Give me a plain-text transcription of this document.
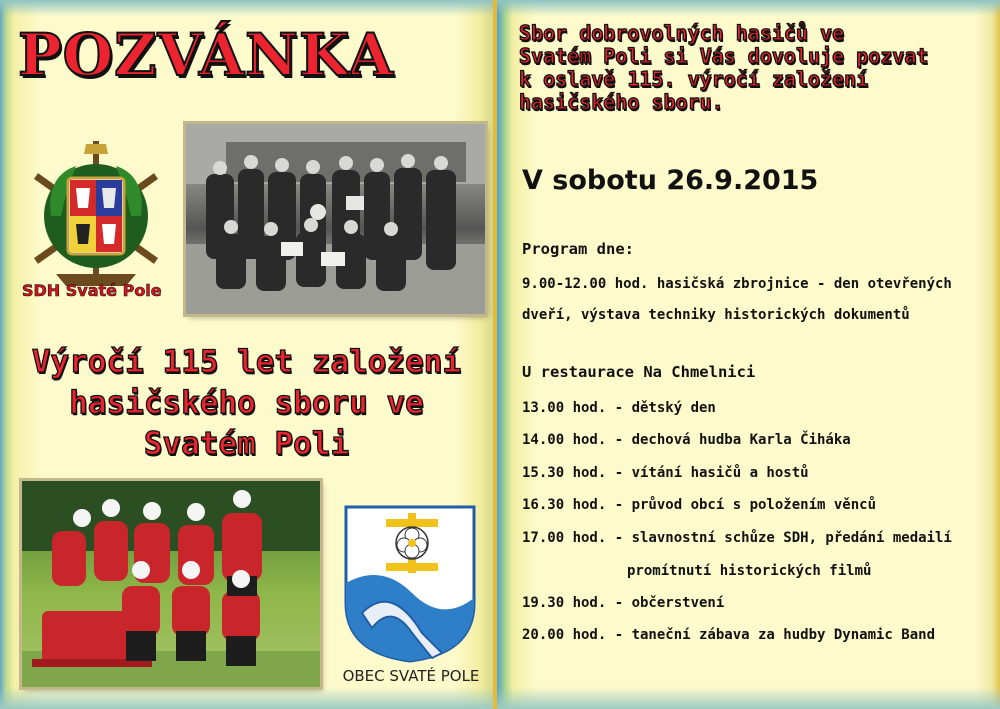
POZVÁNKA
SDH Svaté Pole
Výročí 115 let založení
hasičského sboru ve
Svatém Poli
OBEC SVATÉ POLE
Sbor dobrovolných hasičů ve
Svatém Poli si Vás dovoluje pozvat
k oslavě 115. výročí založení
hasičského sboru.
V sobotu 26.9.2015
Program dne:
9.00-12.00 hod. hasičská zbrojnice - den otevřených
dveří, výstava techniky historických dokumentů
U restaurace Na Chmelnici
13.00 hod. - dětský den
14.00 hod. - dechová hudba Karla Čiháka
15.30 hod. - vítání hasičů a hostů
16.30 hod. - průvod obcí s položením věnců
17.00 hod. - slavnostní schůze SDH, předání medailí
promítnutí historických filmů
19.30 hod. - občerstvení
20.00 hod. - taneční zábava za hudby Dynamic Band
